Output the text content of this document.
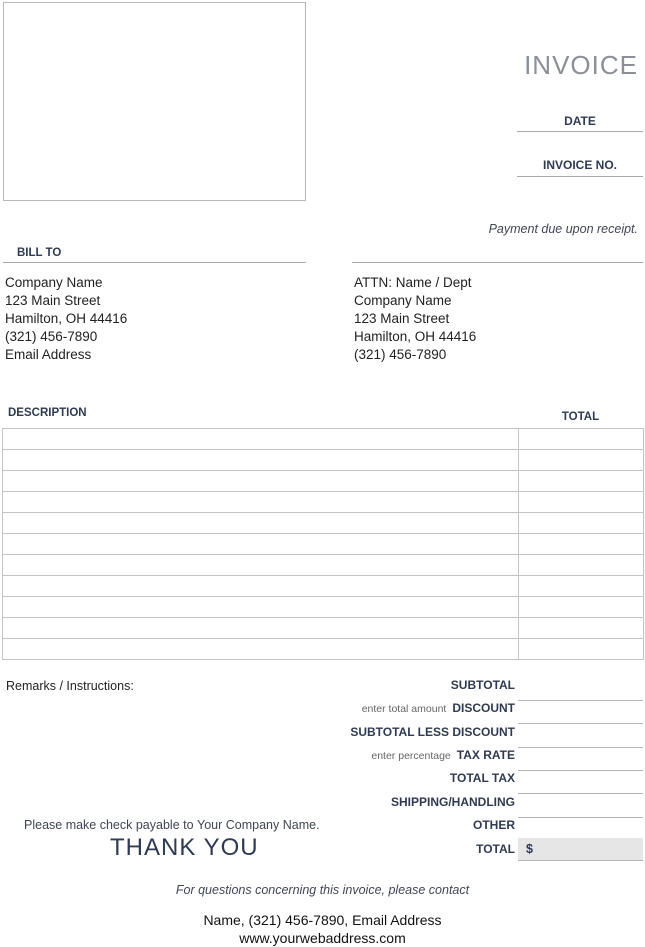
INVOICE
DATE
INVOICE NO.
Payment due upon receipt.
BILL TO
Company Name
123 Main Street
Hamilton, OH 44416
(321) 456-7890
Email Address
ATTN: Name / Dept
Company Name
123 Main Street
Hamilton, OH 44416
(321) 456-7890
DESCRIPTION	TOTAL

Remarks / Instructions:	SUBTOTAL
enter total amount DISCOUNT
SUBTOTAL LESS DISCOUNT
enter percentage TAX RATE
TOTAL TAX
SHIPPING/HANDLING
OTHER
TOTAL $
Please make check payable to Your Company Name.
THANK YOU
For questions concerning this invoice, please contact
Name, (321) 456-7890, Email Address
www.yourwebaddress.com
